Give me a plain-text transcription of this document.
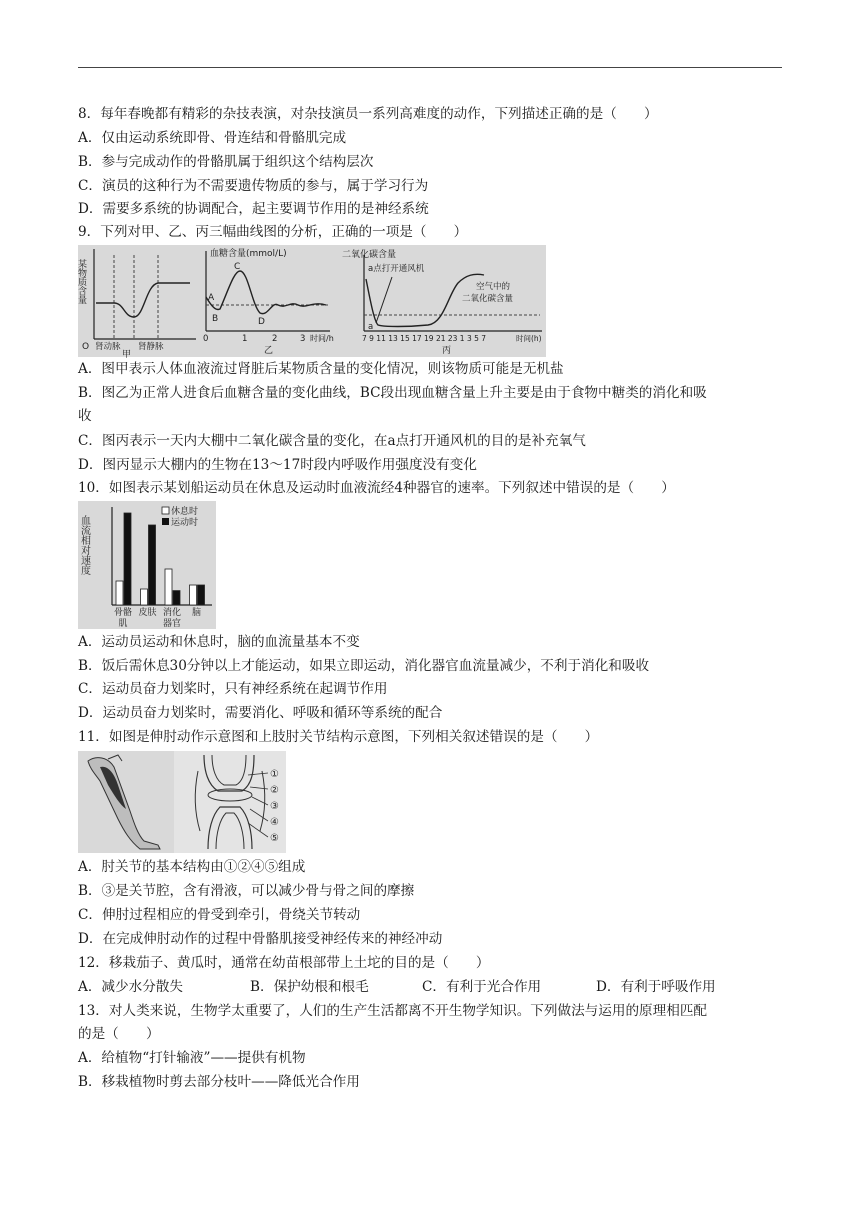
8．每年春晚都有精彩的杂技表演，对杂技演员一系列高难度的动作，下列描述正确的是（　　）
A．仅由运动系统即骨、骨连结和骨骼肌完成
B．参与完成动作的骨骼肌属于组织这个结构层次
C．演员的这种行为不需要遗传物质的参与，属于学习行为
D．需要多系统的协调配合，起主要调节作用的是神经系统
9．下列对甲、乙、丙三幅曲线图的分析，正确的一项是（　　）
某物质含量
O 肾动脉 肾静脉
甲
血糖含量(mmol/L)
A
B
C
D
0	1	2	3 时间/h
乙
二氧化碳含量
a点打开通风机
空气中的
二氧化碳含量
a
7 9 11 13 15 17 19 21 23 1 3 5 7	时间(h)
丙
A．图甲表示人体血液流过肾脏后某物质含量的变化情况，则该物质可能是无机盐
B．图乙为正常人进食后血糖含量的变化曲线，BC段出现血糖含量上升主要是由于食物中糖类的消化和吸
收
C．图丙表示一天内大棚中二氧化碳含量的变化，在a点打开通风机的目的是补充氧气
D．图丙显示大棚内的生物在13～17时段内呼吸作用强度没有变化
10．如图表示某划船运动员在休息及运动时血液流经4种器官的速率。下列叙述中错误的是（　　）
血流相对速度
休息时
运动时
骨骼
肌
皮肤 消化
器官
脑
A．运动员运动和休息时，脑的血流量基本不变
B．饭后需休息30分钟以上才能运动，如果立即运动，消化器官血流量减少，不利于消化和吸收
C．运动员奋力划桨时，只有神经系统在起调节作用
D．运动员奋力划桨时，需要消化、呼吸和循环等系统的配合
11．如图是伸肘动作示意图和上肢肘关节结构示意图，下列相关叙述错误的是（　　）
①
②
③
④
⑤
A．肘关节的基本结构由①②④⑤组成
B．③是关节腔，含有滑液，可以减少骨与骨之间的摩擦
C．伸肘过程相应的骨受到牵引，骨绕关节转动
D．在完成伸肘动作的过程中骨骼肌接受神经传来的神经冲动
12．移栽茄子、黄瓜时，通常在幼苗根部带上土坨的目的是（　　）
A．减少水分散失	B．保护幼根和根毛	C．有利于光合作用	D．有利于呼吸作用
13．对人类来说，生物学太重要了，人们的生产生活都离不开生物学知识。下列做法与运用的原理相匹配
的是（　　）
A．给植物“打针输液”——提供有机物
B．移栽植物时剪去部分枝叶——降低光合作用
